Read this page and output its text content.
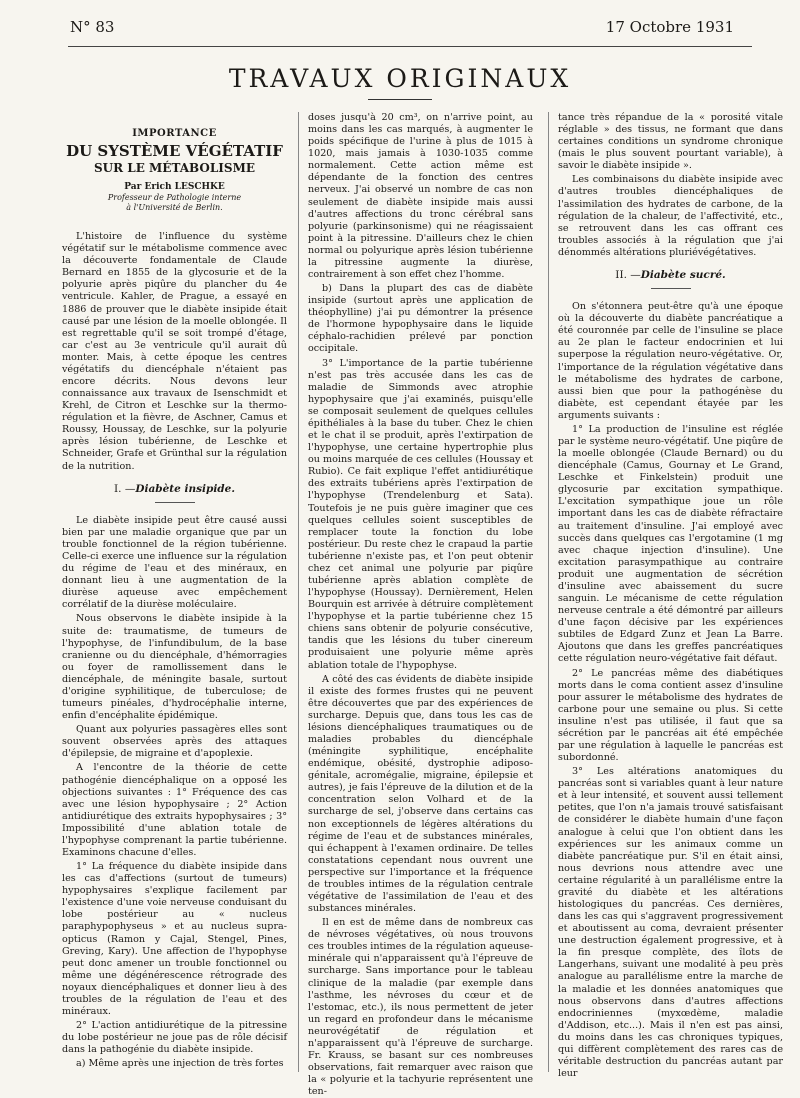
N° 83	17 Octobre 1931
TRAVAUX ORIGINAUX
IMPORTANCE
DU SYSTÈME VÉGÉTATIF
SUR LE MÉTABOLISME
Par Erich LESCHKE
Professeur de Pathologie interne
à l'Université de Berlin.

L'histoire de l'influence du système végétatif sur le métabolisme commence avec la découverte fondamentale de Claude Bernard en 1855 de la glycosurie et de la polyurie après piqûre du plancher du 4e ventricule. Kahler, de Prague, a essayé en 1886 de prouver que le diabète insipide était causé par une lésion de la moelle oblongée. Il est regrettable qu'il se soit trompé d'étage, car c'est au 3e ventricule qu'il aurait dû monter. Mais, à cette époque les centres végétatifs du diencéphale n'étaient pas encore décrits. Nous devons leur connaissance aux travaux de Isenschmidt et Krehl, de Citron et Leschke sur la thermo-régulation et la fièvre, de Aschner, Camus et Roussy, Houssay, de Leschke, sur la polyurie après lésion tubérienne, de Leschke et Schneider, Grafe et Grünthal sur la régulation de la nutrition.

I. —Diabète insipide.

Le diabète insipide peut être causé aussi bien par une maladie organique que par un trouble fonctionnel de la région tubérienne. Celle-ci exerce une influence sur la régulation du régime de l'eau et des minéraux, en donnant lieu à une augmentation de la diurèse aqueuse avec empêchement corrélatif de la diurèse moléculaire.

Nous observons le diabète insipide à la suite de: traumatisme, de tumeurs de l'hypophyse, de l'infundibulum, de la base cranienne ou du diencéphale, d'hémorragies ou foyer de ramollissement dans le diencéphale, de méningite basale, surtout d'origine syphilitique, de tuberculose; de tumeurs pinéales, d'hydrocéphalie interne, enfin d'encéphalite épidémique.

Quant aux polyuries passagères elles sont souvent observées après des attaques d'épilepsie, de migraine et d'apoplexie.

A l'encontre de la théorie de cette pathogénie diencéphalique on a opposé les objections suivantes : 1° Fréquence des cas avec une lésion hypophysaire ; 2° Action antidiurétique des extraits hypophysaires ; 3° Impossibilité d'une ablation totale de l'hypophyse comprenant la partie tubérienne. Examinons chacune d'elles.

1° La fréquence du diabète insipide dans les cas d'affections (surtout de tumeurs) hypophysaires s'explique facilement par l'existence d'une voie nerveuse conduisant du lobe postérieur au « nucleus paraphypophyseus » et au nucleus supra-opticus (Ramon y Cajal, Stengel, Pines, Greving, Kary). Une affection de l'hypophyse peut donc amener un trouble fonctionnel ou même une dégénérescence rétrograde des noyaux diencéphaliques et donner lieu à des troubles de la régulation de l'eau et des minéraux.

2° L'action antidiurétique de la pitressine du lobe postérieur ne joue pas de rôle décisif dans la pathogénie du diabète insipide.

a) Même après une injection de très fortes

doses jusqu'à 20 cm³, on n'arrive point, au moins dans les cas marqués, à augmenter le poids spécifique de l'urine à plus de 1015 à 1020, mais jamais à 1030-1035 comme normalement. Cette action même est dépendante de la fonction des centres nerveux. J'ai observé un nombre de cas non seulement de diabète insipide mais aussi d'autres affections du tronc cérébral sans polyurie (parkinsonisme) qui ne réagissaient point à la pitressine. D'ailleurs chez le chien normal ou polyurique après lésion tubérienne la pitressine augmente la diurèse, contrairement à son effet chez l'homme.

b) Dans la plupart des cas de diabète insipide (surtout après une application de théophylline) j'ai pu démontrer la présence de l'hormone hypophysaire dans le liquide céphalo-rachidien prélevé par ponction occipitale.

3° L'importance de la partie tubérienne n'est pas très accusée dans les cas de maladie de Simmonds avec atrophie hypophysaire que j'ai examinés, puisqu'elle se composait seulement de quelques cellules épithéliales à la base du tuber. Chez le chien et le chat il se produit, après l'extirpation de l'hypophyse, une certaine hypertrophie plus ou moins marquée de ces cellules (Houssay et Rubio). Ce fait explique l'effet antidiurétique des extraits tubériens après l'extirpation de l'hypophyse (Trendelenburg et Sata). Toutefois je ne puis guère imaginer que ces quelques cellules soient susceptibles de remplacer toute la fonction du lobe postérieur. Du reste chez le crapaud la partie tubérienne n'existe pas, et l'on peut obtenir chez cet animal une polyurie par piqûre tubérienne après ablation complète de l'hypophyse (Houssay). Dernièrement, Helen Bourquin est arrivée à détruire complètement l'hypophyse et la partie tubérienne chez 15 chiens sans obtenir de polyurie consécutive, tandis que les lésions du tuber cinereum produisaient une polyurie même après ablation totale de l'hypophyse.

A côté des cas évidents de diabète insipide il existe des formes frustes qui ne peuvent être découvertes que par des expériences de surcharge. Depuis que, dans tous les cas de lésions diencéphaliques traumatiques ou de maladies probables du diencéphale (méningite syphilitique, encéphalite endémique, obésité, dystrophie adiposo-génitale, acromégalie, migraine, épilepsie et autres), je fais l'épreuve de la dilution et de la concentration selon Volhard et de la surcharge de sel, j'observe dans certains cas non exceptionnels de légères altérations du régime de l'eau et de substances minérales, qui échappent à l'examen ordinaire. De telles constatations cependant nous ouvrent une perspective sur l'importance et la fréquence de troubles intimes de la régulation centrale végétative de l'assimilation de l'eau et des substances minérales.

Il en est de même dans de nombreux cas de névroses végétatives, où nous trouvons ces troubles intimes de la régulation aqueuse-minérale qui n'apparaissent qu'à l'épreuve de surcharge. Sans importance pour le tableau clinique de la maladie (par exemple dans l'asthme, les névroses du cœur et de l'estomac, etc.), ils nous permettent de jeter un regard en profondeur dans le mécanisme neurovégétatif de régulation et n'apparaissent qu'à l'épreuve de surcharge. Fr. Krauss, se basant sur ces nombreuses observations, fait remarquer avec raison que la « polyurie et la tachyurie représentent une ten-

tance très répandue de la « porosité vitale réglable » des tissus, ne formant que dans certaines conditions un syndrome chronique (mais le plus souvent pourtant variable), à savoir le diabète insipide ».

Les combinaisons du diabète insipide avec d'autres troubles diencéphaliques de l'assimilation des hydrates de carbone, de la régulation de la chaleur, de l'affectivité, etc., se retrouvent dans les cas offrant ces troubles associés à la régulation que j'ai dénommés altérations pluriévégétatives.

II. —Diabète sucré.

On s'étonnera peut-être qu'à une époque où la découverte du diabète pancréatique a été couronnée par celle de l'insuline se place au 2e plan le facteur endocrinien et lui superpose la régulation neuro-végétative. Or, l'importance de la régulation végétative dans le métabolisme des hydrates de carbone, aussi bien que pour la pathogénèse du diabète, est cependant étayée par les arguments suivants :

1° La production de l'insuline est réglée par le système neuro-végétatif. Une piqûre de la moelle oblongée (Claude Bernard) ou du diencéphale (Camus, Gournay et Le Grand, Leschke et Finkelstein) produit une glycosurie par excitation sympathique. L'excitation sympathique joue un rôle important dans les cas de diabète réfractaire au traitement d'insuline. J'ai employé avec succès dans quelques cas l'ergotamine (1 mg avec chaque injection d'insuline). Une excitation parasympathique au contraire produit une augmentation de sécrétion d'insuline avec abaissement du sucre sanguin. Le mécanisme de cette régulation nerveuse centrale a été démontré par ailleurs d'une façon décisive par les expériences subtiles de Edgard Zunz et Jean La Barre. Ajoutons que dans les greffes pancréatiques cette régulation neuro-végétative fait défaut.

2° Le pancréas même des diabétiques morts dans le coma contient assez d'insuline pour assurer le métabolisme des hydrates de carbone pour une semaine ou plus. Si cette insuline n'est pas utilisée, il faut que sa sécrétion par le pancréas ait été empêchée par une régulation à laquelle le pancréas est subordonné.

3° Les altérations anatomiques du pancréas sont si variables quant à leur nature et à leur intensité, et souvent aussi tellement petites, que l'on n'a jamais trouvé satisfaisant de considérer le diabète humain d'une façon analogue à celui que l'on obtient dans les expériences sur les animaux comme un diabète pancréatique pur. S'il en était ainsi, nous devrions nous attendre avec une certaine régularité à un parallélisme entre la gravité du diabète et les altérations histologiques du pancréas. Ces dernières, dans les cas qui s'aggravent progressivement et aboutissent au coma, devraient présenter une destruction également progressive, et à la fin presque complète, des îlots de Langerhans, suivant une modalité à peu près analogue au parallélisme entre la marche de la maladie et les données anatomiques que nous observons dans d'autres affections endocriniennes (myxœdème, maladie d'Addison, etc...). Mais il n'en est pas ainsi, du moins dans les cas chroniques typiques, qui diffèrent complètement des rares cas de véritable destruction du pancréas autant par leur
